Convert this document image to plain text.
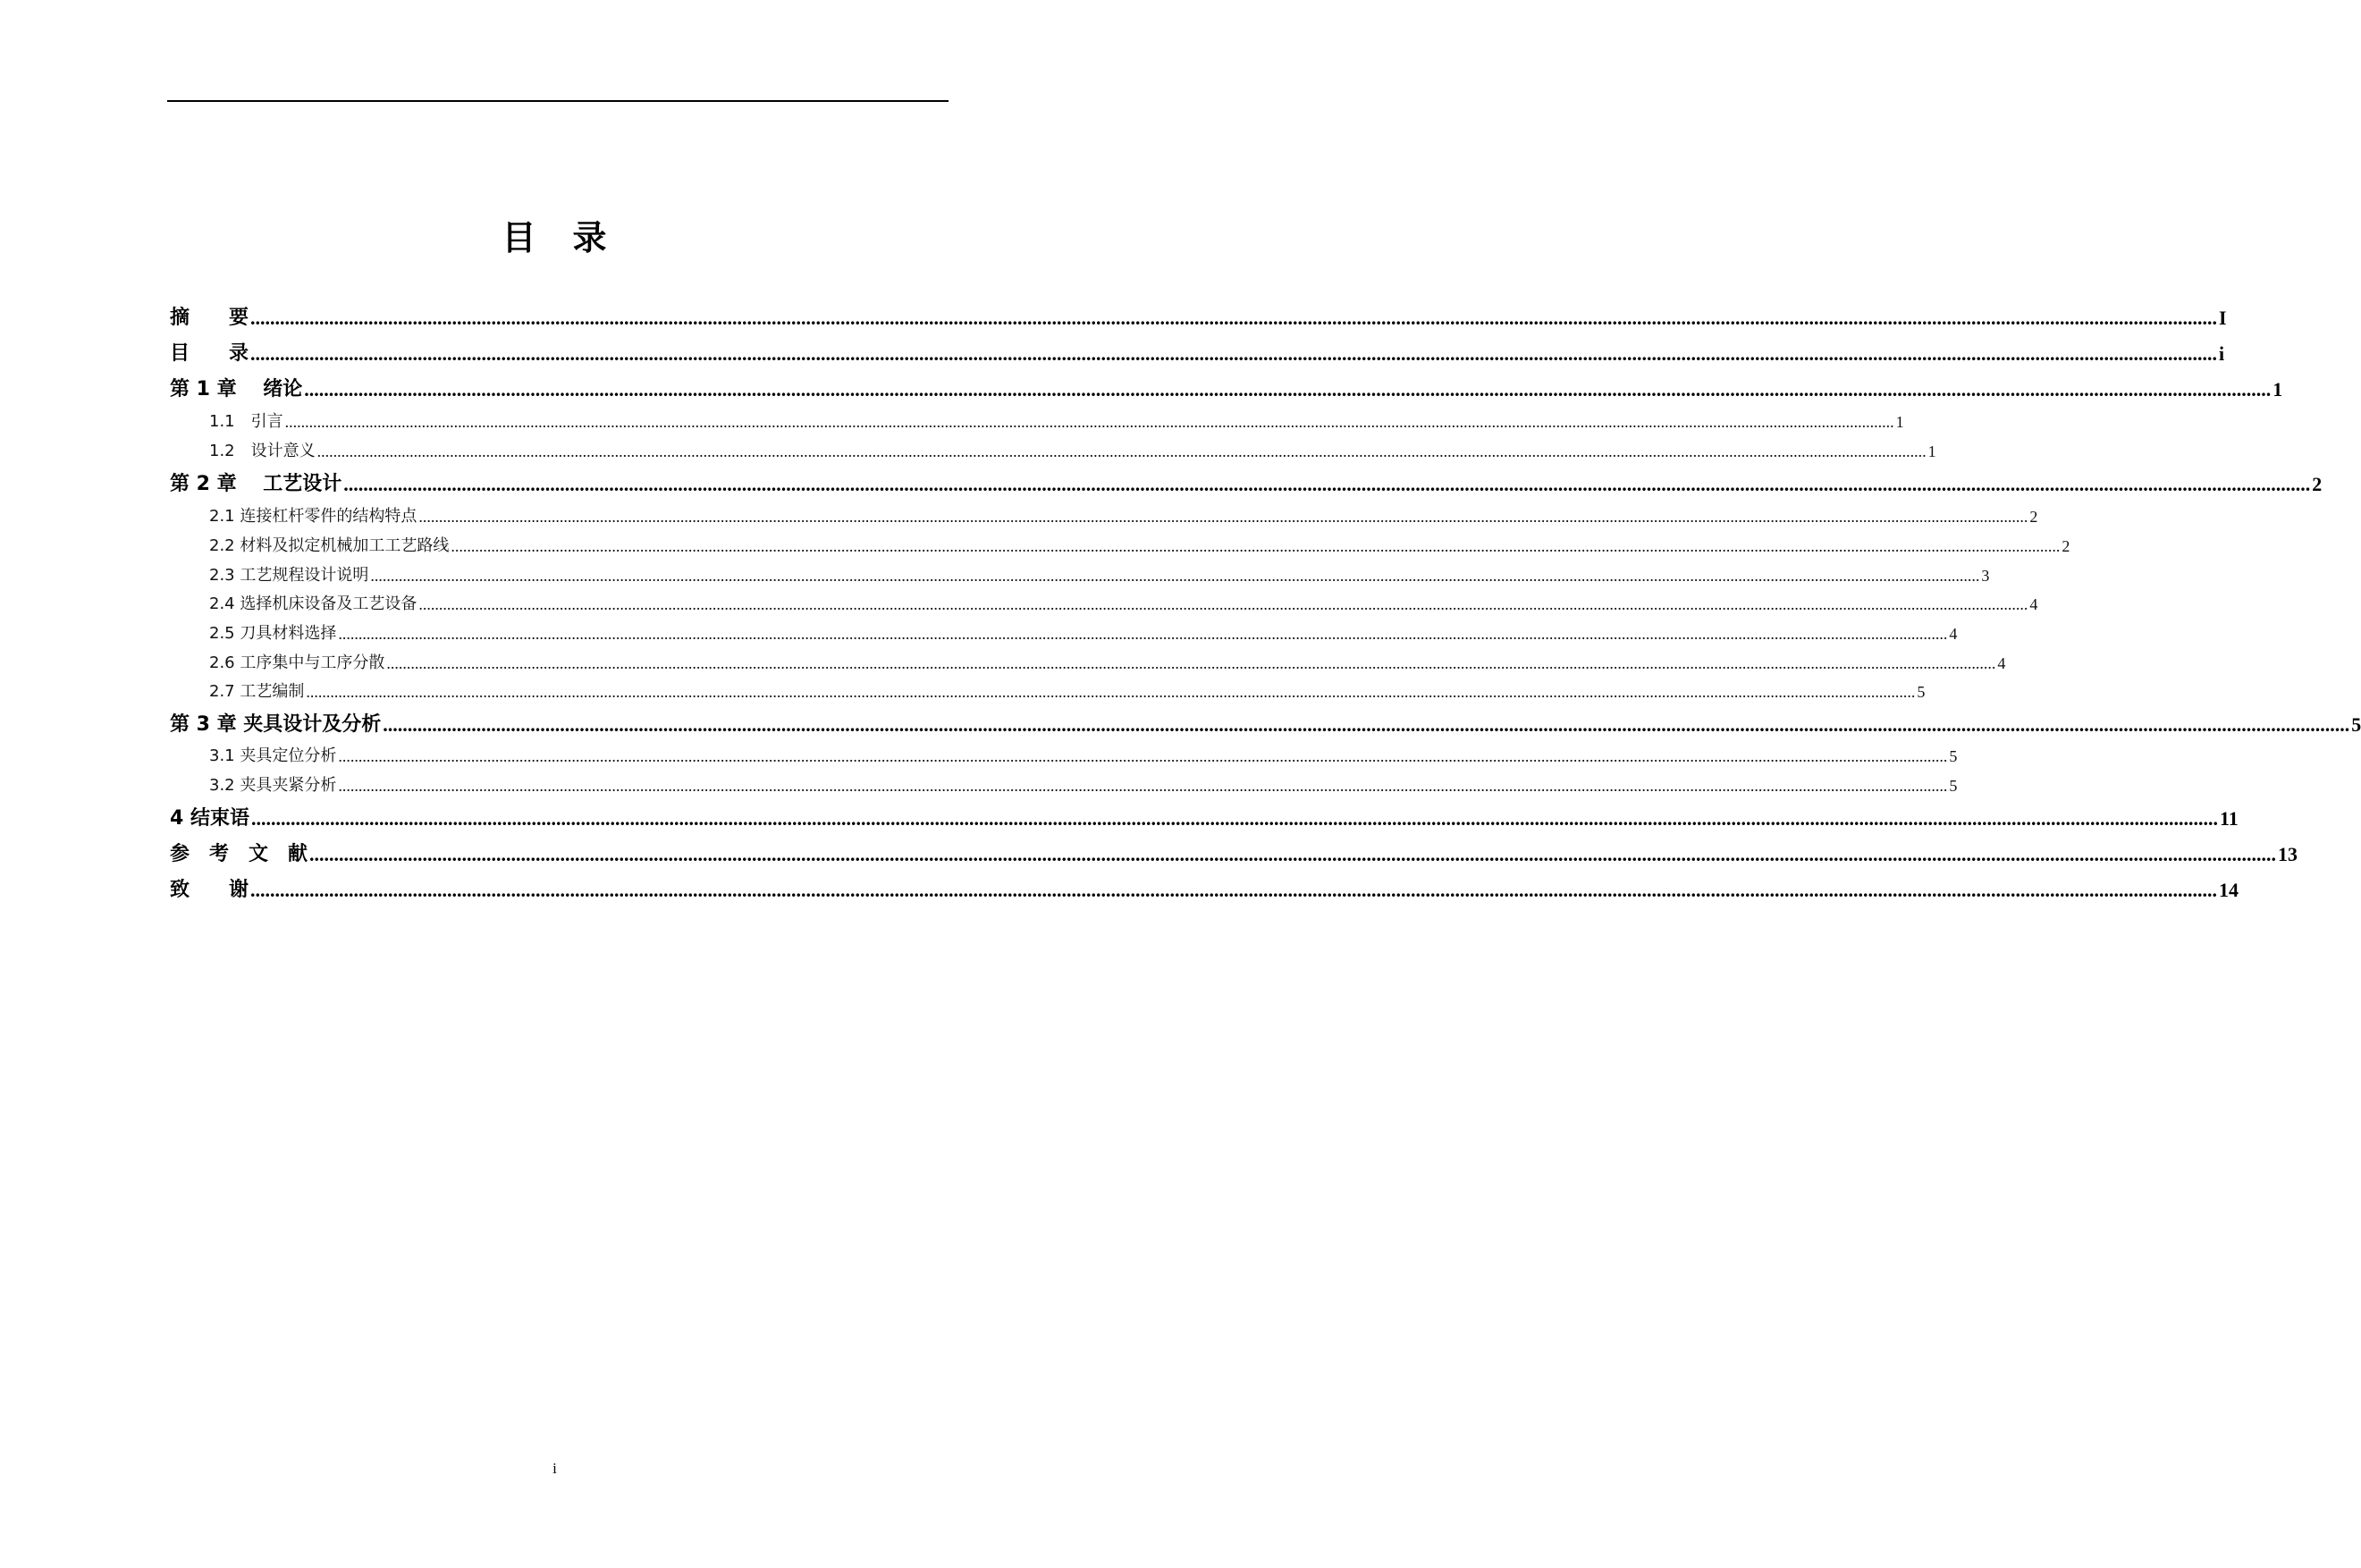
目 录
摘　　要 ................................................................................................................................................................................................................................................................................................................................................................................................................ I
目　　录 ................................................................................................................................................................................................................................................................................................................................................................................................................ i
第 1 章　 绪论 ................................................................................................................................................................................................................................................................................................................................................................................................................ 1
1.1　引言 ................................................................................................................................................................................................................................................................................................................................................................................................................ 1
1.2　设计意义 ................................................................................................................................................................................................................................................................................................................................................................................................................ 1
第 2 章　 工艺设计 ................................................................................................................................................................................................................................................................................................................................................................................................................ 2
2.1 连接杠杆零件的结构特点 ................................................................................................................................................................................................................................................................................................................................................................................................................ 2
2.2 材料及拟定机械加工工艺路线 ................................................................................................................................................................................................................................................................................................................................................................................................................ 2
2.3 工艺规程设计说明 ................................................................................................................................................................................................................................................................................................................................................................................................................ 3
2.4 选择机床设备及工艺设备 ................................................................................................................................................................................................................................................................................................................................................................................................................ 4
2.5 刀具材料选择 ................................................................................................................................................................................................................................................................................................................................................................................................................ 4
2.6 工序集中与工序分散 ................................................................................................................................................................................................................................................................................................................................................................................................................ 4
2.7 工艺编制 ................................................................................................................................................................................................................................................................................................................................................................................................................ 5
第 3 章 夹具设计及分析 ................................................................................................................................................................................................................................................................................................................................................................................................................ 5
3.1 夹具定位分析 ................................................................................................................................................................................................................................................................................................................................................................................................................ 5
3.2 夹具夹紧分析 ................................................................................................................................................................................................................................................................................................................................................................................................................ 5
4 结束语 ................................................................................................................................................................................................................................................................................................................................................................................................................ 11
参　考　文　献 ................................................................................................................................................................................................................................................................................................................................................................................................................ 13
致　　谢 ................................................................................................................................................................................................................................................................................................................................................................................................................ 14
i
